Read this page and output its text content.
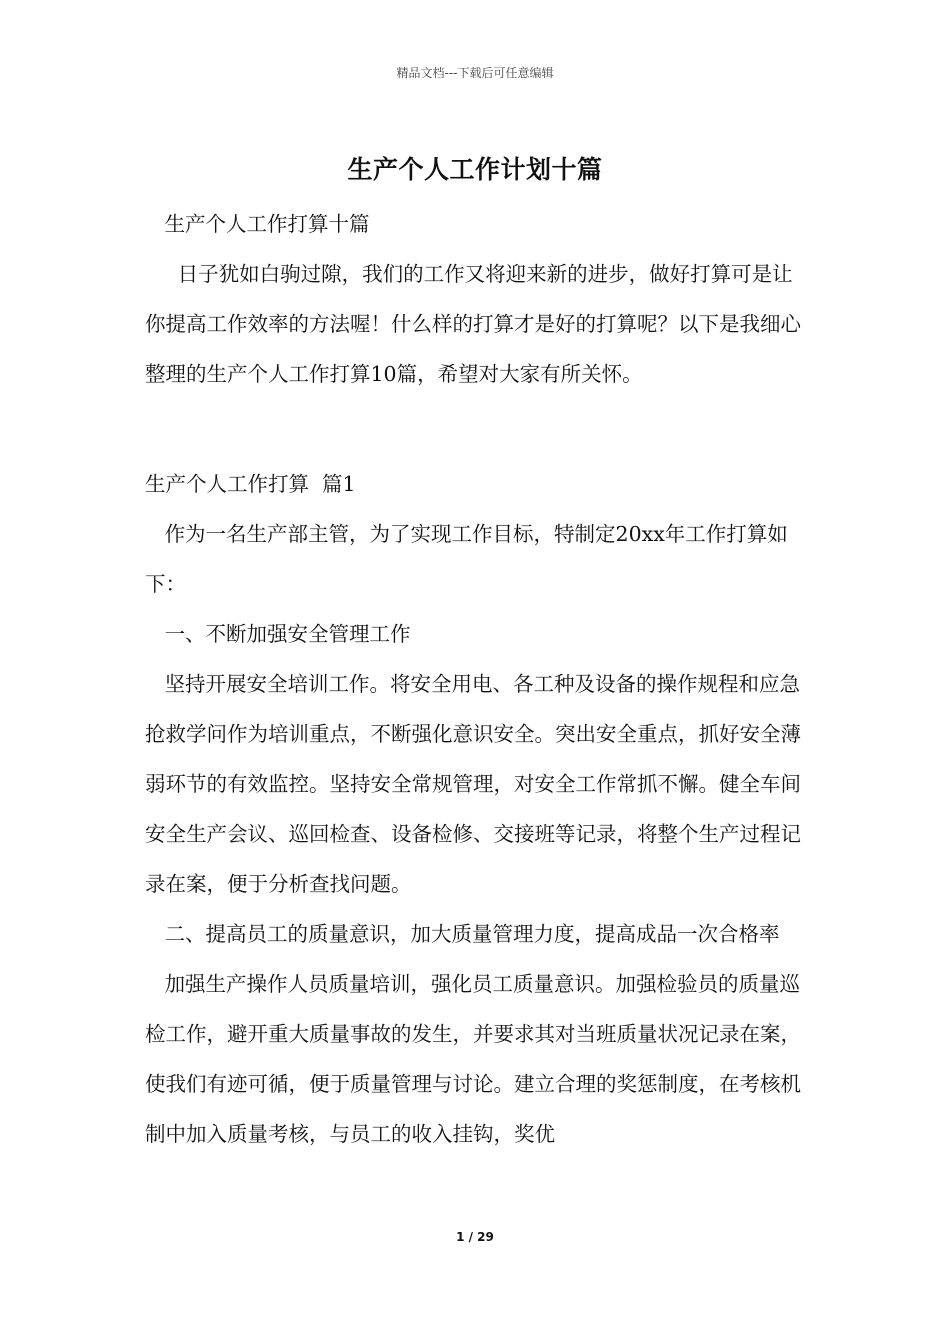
精品文档---下载后可任意编辑
生产个人工作计划十篇

生产个人工作打算十篇

日子犹如白驹过隙，我们的工作又将迎来新的进步，做好打算可是让你提高工作效率的方法喔！什么样的打算才是好的打算呢？以下是我细心整理的生产个人工作打算10篇，希望对大家有所关怀。

生产个人工作打算  篇1

作为一名生产部主管，为了实现工作目标，特制定20xx年工作打算如下：

一、不断加强安全管理工作

坚持开展安全培训工作。将安全用电、各工种及设备的操作规程和应急抢救学问作为培训重点，不断强化意识安全。突出安全重点，抓好安全薄弱环节的有效监控。坚持安全常规管理，对安全工作常抓不懈。健全车间安全生产会议、巡回检查、设备检修、交接班等记录，将整个生产过程记录在案，便于分析查找问题。

二、提高员工的质量意识，加大质量管理力度，提高成品一次合格率

加强生产操作人员质量培训，强化员工质量意识。加强检验员的质量巡检工作，避开重大质量事故的发生，并要求其对当班质量状况记录在案，使我们有迹可循，便于质量管理与讨论。建立合理的奖惩制度，在考核机制中加入质量考核，与员工的收入挂钩，奖优

1 / 29
